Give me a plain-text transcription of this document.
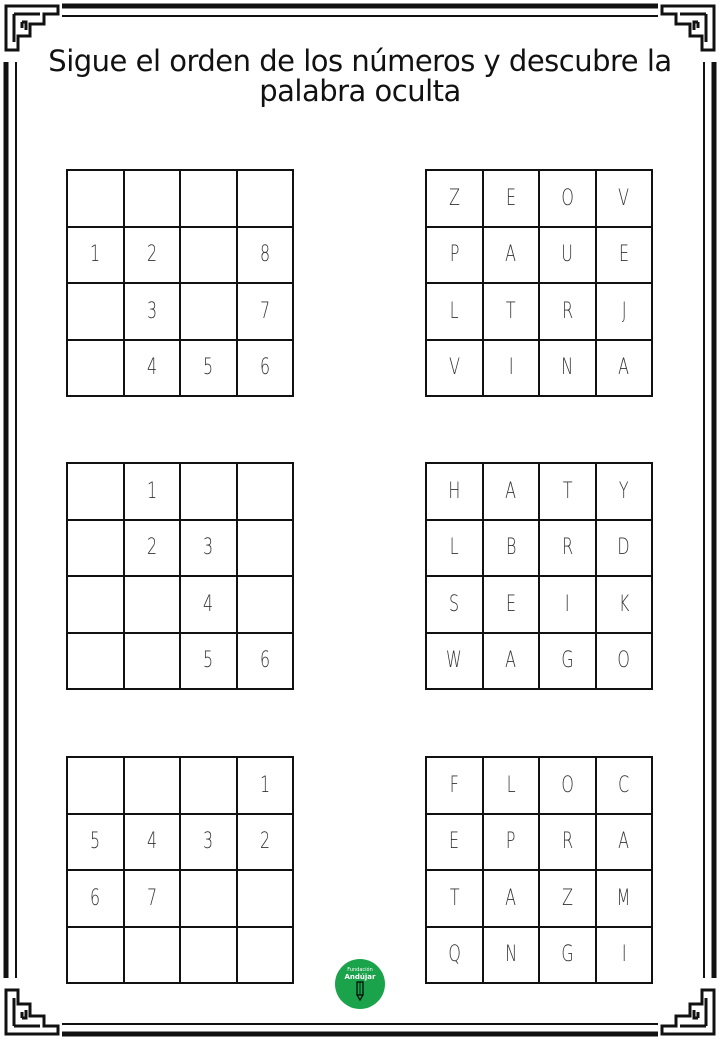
Sigue el orden de los números y descubre la palabra oculta
1 2	8
3	7
4 5 6
Z E O V
P A U E
L T R J
V I N A
1
2 3
4
5 6
H A T Y
L B R D
S E I K
W A G O
1
5 4 3 2
6 7
F L O C
E P R A
T A Z M
Q N G I
Fundación
Andújar
